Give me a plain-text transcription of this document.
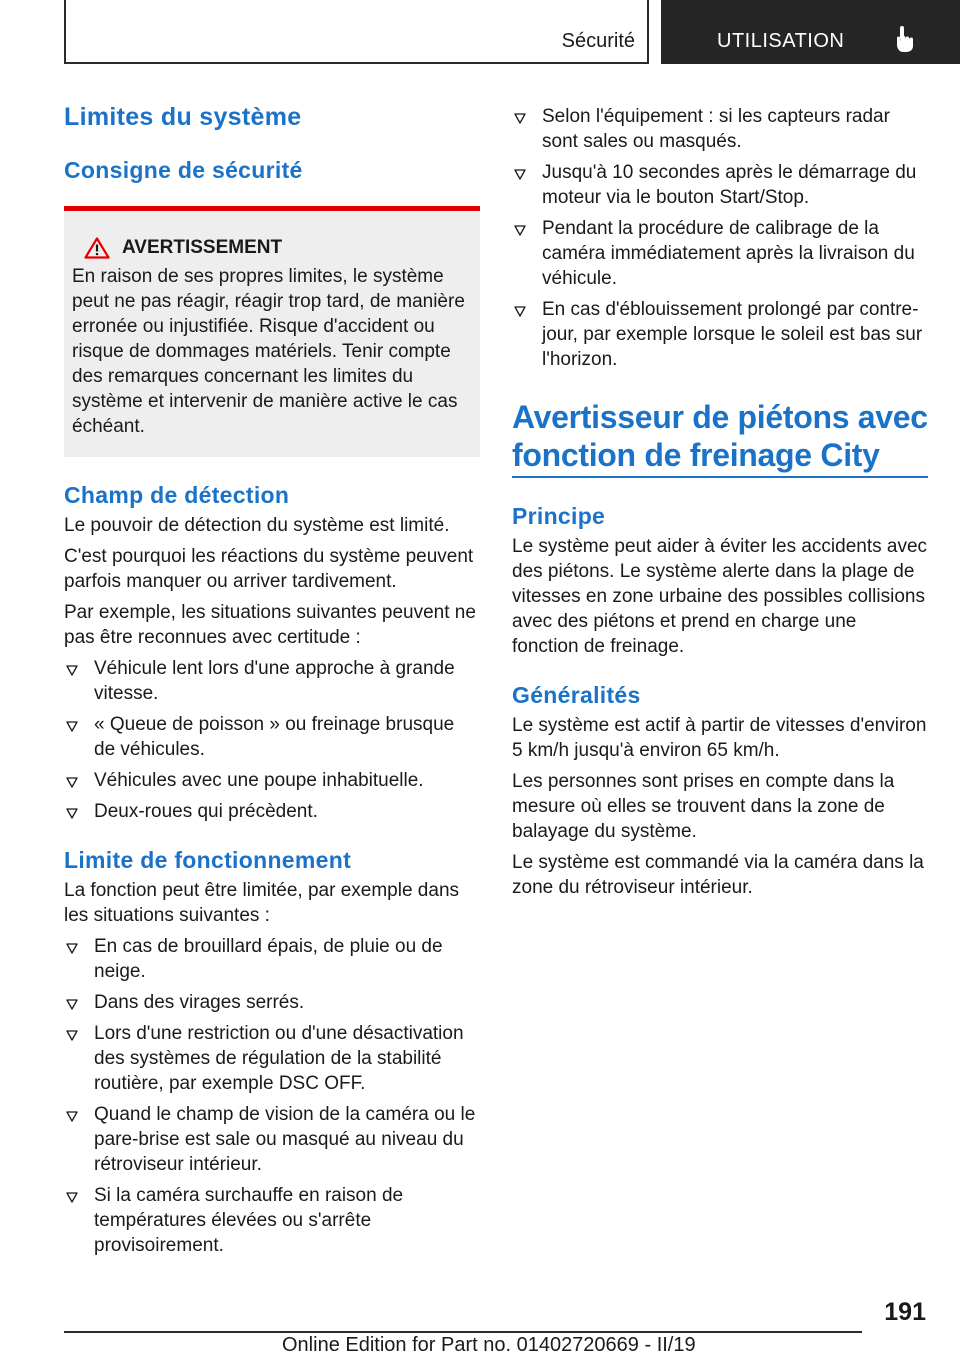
Sécurité	UTILISATION
Limites du système
Consigne de sécurité
AVERTISSEMENT

En raison de ses propres limites, le système peut ne pas réagir, réagir trop tard, de manière erronée ou injustifiée. Risque d'accident ou risque de dommages matériels. Tenir compte des remarques concernant les limites du système et intervenir de manière active le cas échéant.

Champ de détection

Le pouvoir de détection du système est limité.

C'est pourquoi les réactions du système peuvent parfois manquer ou arriver tardivement.

Par exemple, les situations suivantes peuvent ne pas être reconnues avec certitude :

Véhicule lent lors d'une approche à grande vitesse.
« Queue de poisson » ou freinage brusque de véhicules.
Véhicules avec une poupe inhabituelle.
Deux-roues qui précèdent.
Limite de fonctionnement

La fonction peut être limitée, par exemple dans les situations suivantes :

En cas de brouillard épais, de pluie ou de neige.
Dans des virages serrés.
Lors d'une restriction ou d'une désactivation des systèmes de régulation de la stabilité routière, par exemple DSC OFF.
Quand le champ de vision de la caméra ou le pare-brise est sale ou masqué au niveau du rétroviseur intérieur.
Si la caméra surchauffe en raison de températures élevées ou s'arrête provisoirement.
Selon l'équipement : si les capteurs radar sont sales ou masqués.
Jusqu'à 10 secondes après le démarrage du moteur via le bouton Start/Stop.
Pendant la procédure de calibrage de la caméra immédiatement après la livraison du véhicule.
En cas d'éblouissement prolongé par contre-jour, par exemple lorsque le soleil est bas sur l'horizon.
Avertisseur de piétons avec fonction de freinage City
Principe

Le système peut aider à éviter les accidents avec des piétons. Le système alerte dans la plage de vitesses en zone urbaine des possibles collisions avec des piétons et prend en charge une fonction de freinage.

Généralités

Le système est actif à partir de vitesses d'environ 5 km/h jusqu'à environ 65 km/h.

Les personnes sont prises en compte dans la mesure où elles se trouvent dans la zone de balayage du système.

Le système est commandé via la caméra dans la zone du rétroviseur intérieur.

191
Online Edition for Part no. 01402720669 - II/19
